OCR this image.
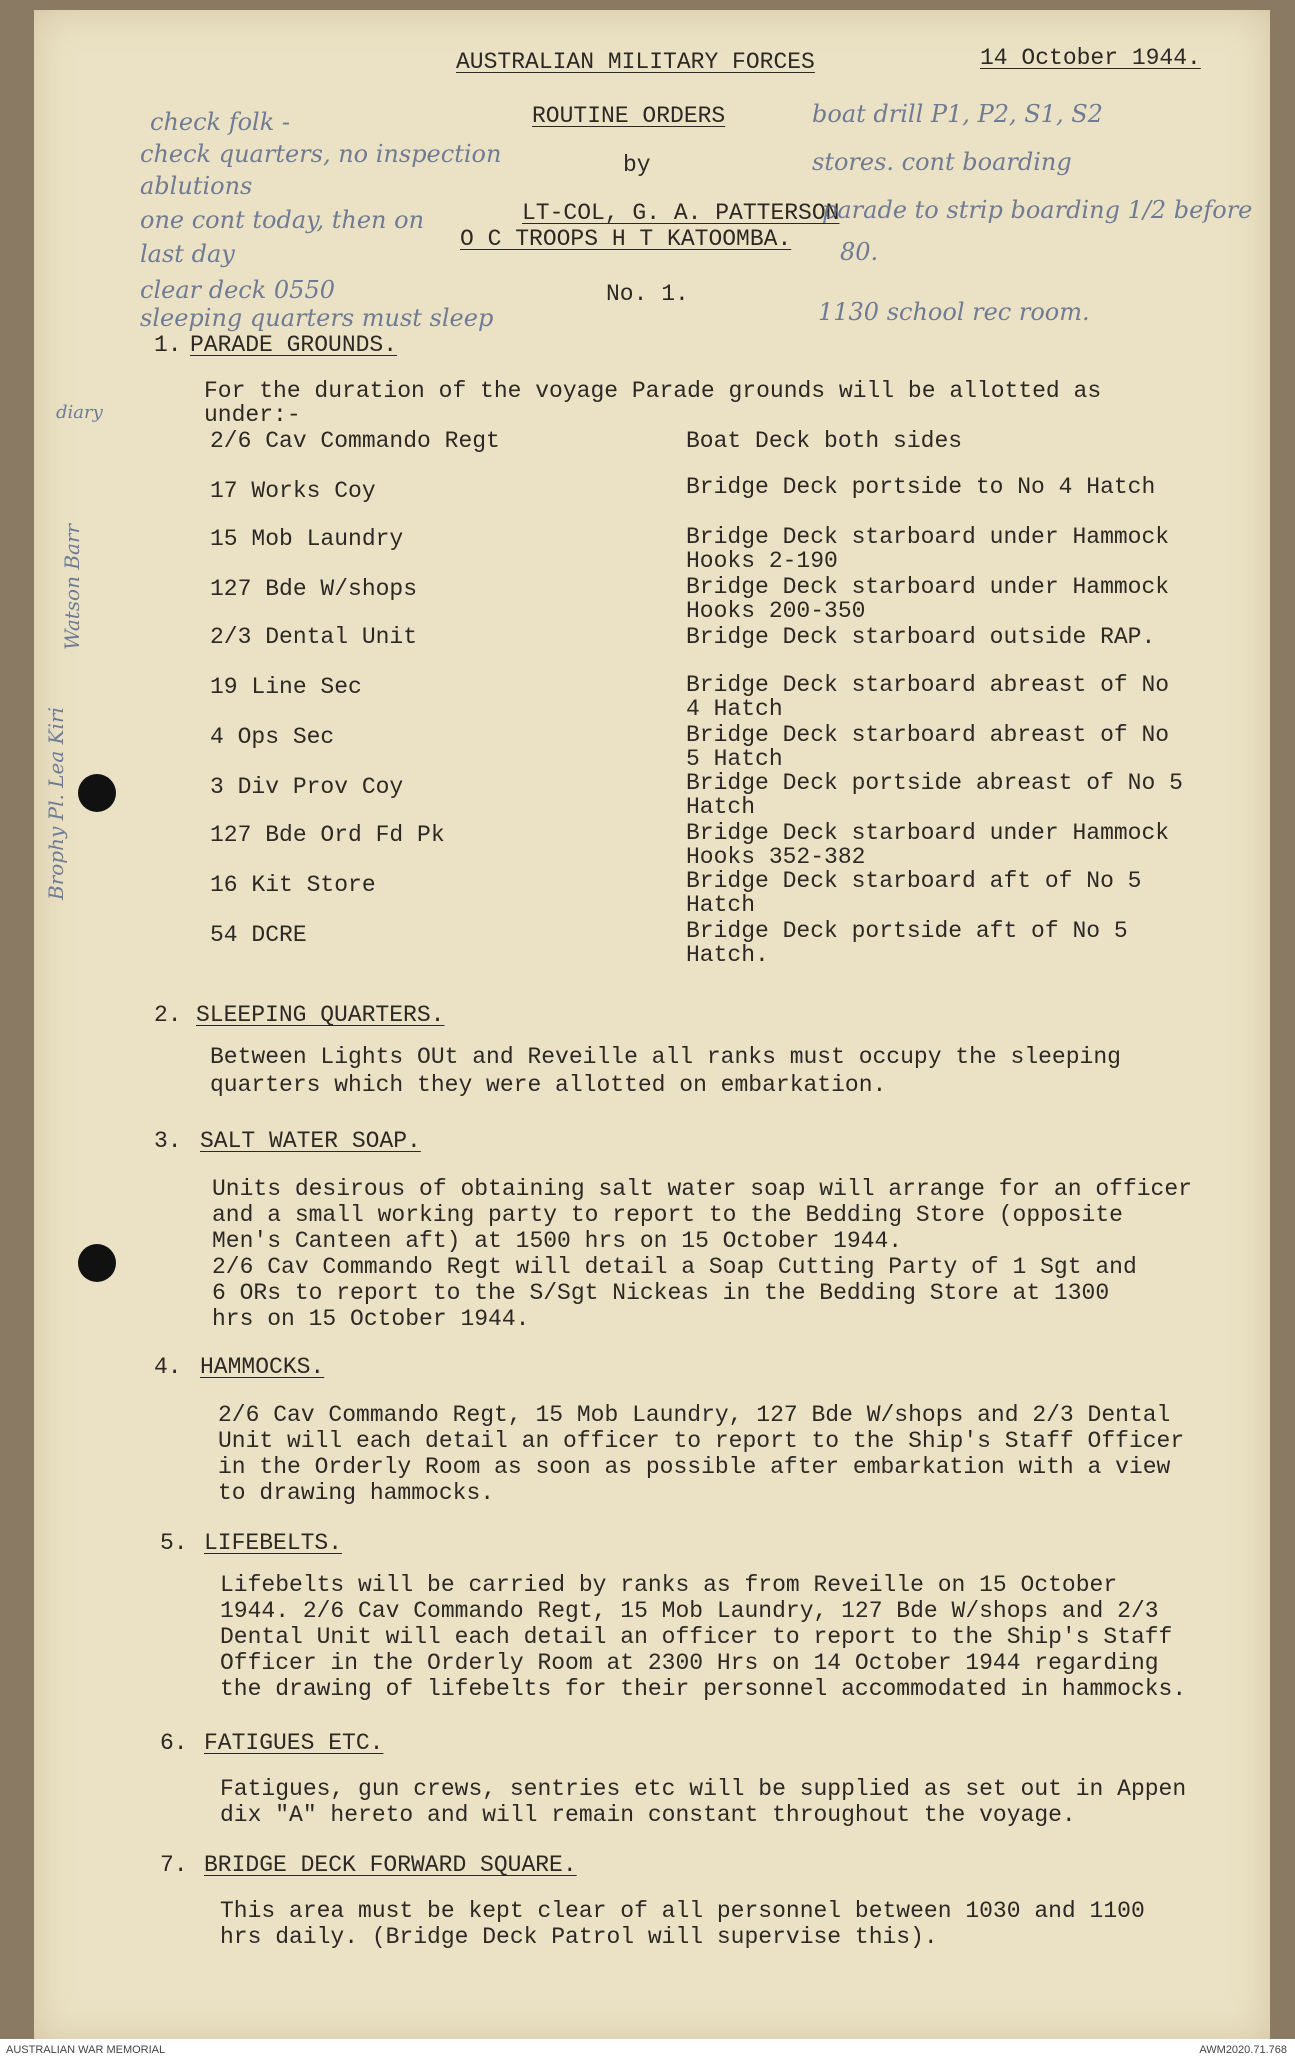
AUSTRALIAN MILITARY FORCES	14 October 1944.
ROUTINE ORDERS
by
LT-COL, G. A. PATTERSON
O C TROOPS H T KATOOMBA.
No. 1.
check folk -
check quarters, no inspection
ablutions
one cont today, then on
last day
clear deck 0550
sleeping quarters must sleep
boat drill P1, P2, S1, S2
stores. cont boarding
parade to strip boarding 1/2 before
80.
1130 school rec room.
diary
Watson Barr
Brophy Pl. Lea Kiri
1. PARADE GROUNDS.
For the duration of the voyage Parade grounds will be allotted as
under:-
2/6 Cav Commando Regt	Boat Deck both sides
17 Works Coy	Bridge Deck portside to No 4 Hatch
15 Mob Laundry	Bridge Deck starboard under Hammock
Hooks 2-190
127 Bde W/shops	Bridge Deck starboard under Hammock
Hooks 200-350
2/3 Dental Unit	Bridge Deck starboard outside RAP.
19 Line Sec	Bridge Deck starboard abreast of No
4 Hatch
4 Ops Sec	Bridge Deck starboard abreast of No
5 Hatch
3 Div Prov Coy	Bridge Deck portside abreast of No 5
Hatch
127 Bde Ord Fd Pk	Bridge Deck starboard under Hammock
Hooks 352-382
16 Kit Store	Bridge Deck starboard aft of No 5
Hatch
54 DCRE	Bridge Deck portside aft of No 5
Hatch.
2. SLEEPING QUARTERS.
Between Lights OUt and Reveille all ranks must occupy the sleeping
quarters which they were allotted on embarkation.
3. SALT WATER SOAP.
Units desirous of obtaining salt water soap will arrange for an officer
and a small working party to report to the Bedding Store (opposite
Men's Canteen aft) at 1500 hrs on 15 October 1944.
2/6 Cav Commando Regt will detail a Soap Cutting Party of 1 Sgt and
6 ORs to report to the S/Sgt Nickeas in the Bedding Store at 1300
hrs on 15 October 1944.
4. HAMMOCKS.
2/6 Cav Commando Regt, 15 Mob Laundry, 127 Bde W/shops and 2/3 Dental
Unit will each detail an officer to report to the Ship's Staff Officer
in the Orderly Room as soon as possible after embarkation with a view
to drawing hammocks.
5. LIFEBELTS.
Lifebelts will be carried by ranks as from Reveille on 15 October
1944. 2/6 Cav Commando Regt, 15 Mob Laundry, 127 Bde W/shops and 2/3
Dental Unit will each detail an officer to report to the Ship's Staff
Officer in the Orderly Room at 2300 Hrs on 14 October 1944 regarding
the drawing of lifebelts for their personnel accommodated in hammocks.
6. FATIGUES ETC.
Fatigues, gun crews, sentries etc will be supplied as set out in Appen
dix "A" hereto and will remain constant throughout the voyage.
7. BRIDGE DECK FORWARD SQUARE.
This area must be kept clear of all personnel between 1030 and 1100
hrs daily. (Bridge Deck Patrol will supervise this).
AUSTRALIAN WAR MEMORIAL	AWM2020.71.768
